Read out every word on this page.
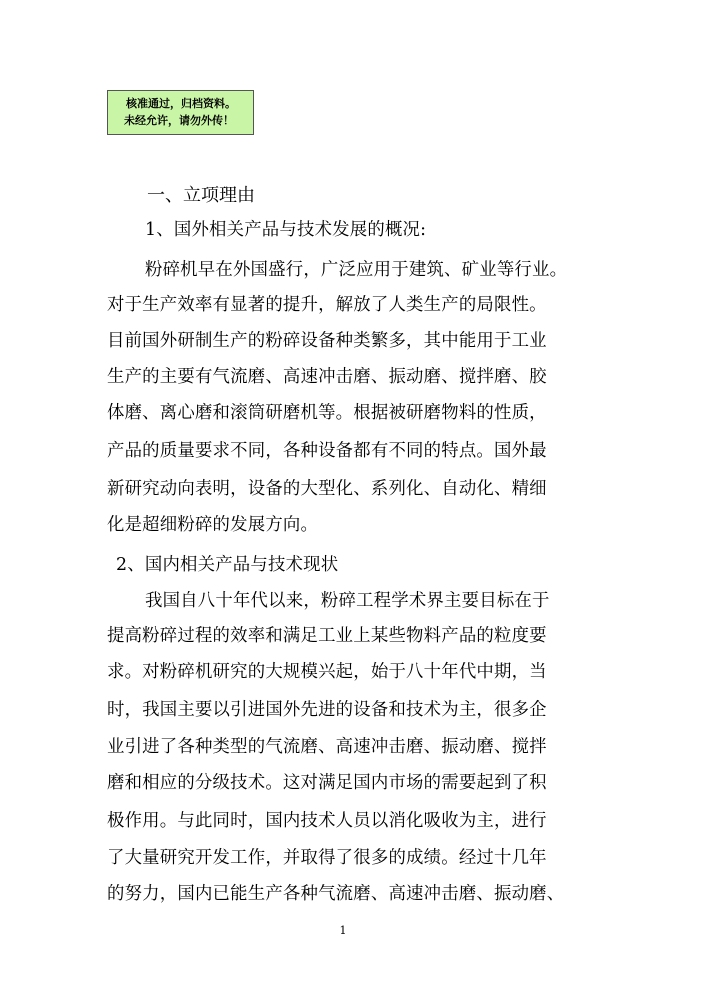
核准通过，归档资料。
未经允许，请勿外传！
一、立项理由
1、国外相关产品与技术发展的概况:
粉碎机早在外国盛行，广泛应用于建筑、矿业等行业。
对于生产效率有显著的提升，解放了人类生产的局限性。
目前国外研制生产的粉碎设备种类繁多，其中能用于工业
生产的主要有气流磨、高速冲击磨、振动磨、搅拌磨、胶
体磨、离心磨和滚筒研磨机等。根据被研磨物料的性质，
产品的质量要求不同，各种设备都有不同的特点。国外最
新研究动向表明，设备的大型化、系列化、自动化、精细
化是超细粉碎的发展方向。
2、国内相关产品与技术现状
我国自八十年代以来，粉碎工程学术界主要目标在于
提高粉碎过程的效率和满足工业上某些物料产品的粒度要
求。对粉碎机研究的大规模兴起，始于八十年代中期，当
时，我国主要以引进国外先进的设备和技术为主，很多企
业引进了各种类型的气流磨、高速冲击磨、振动磨、搅拌
磨和相应的分级技术。这对满足国内市场的需要起到了积
极作用。与此同时，国内技术人员以消化吸收为主，进行
了大量研究开发工作，并取得了很多的成绩。经过十几年
的努力，国内已能生产各种气流磨、高速冲击磨、振动磨、
1
